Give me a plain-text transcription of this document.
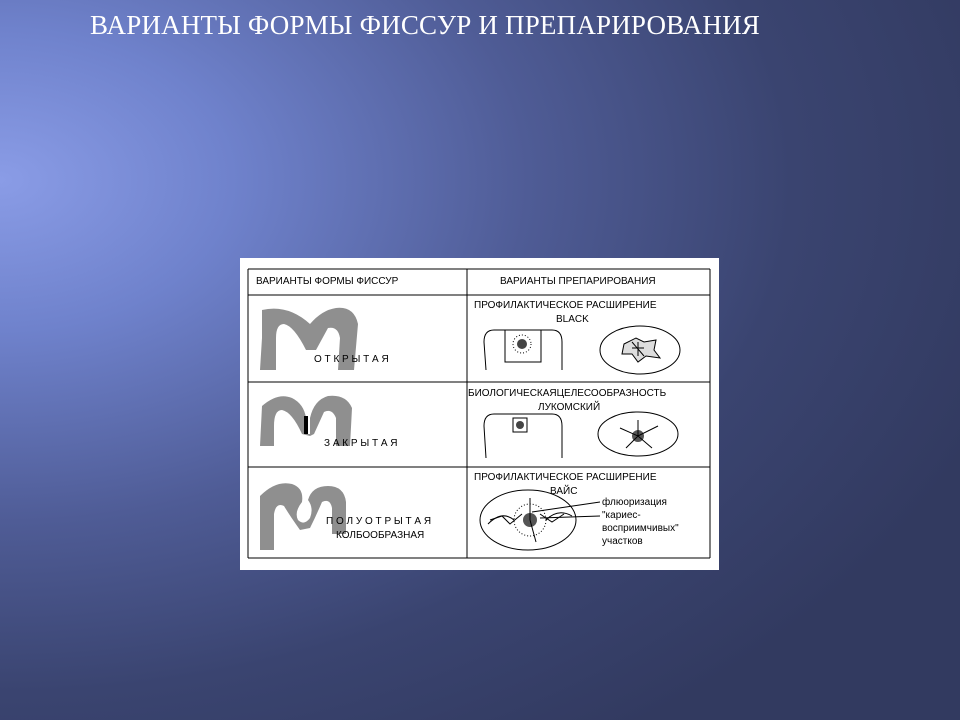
ВАРИАНТЫ ФОРМЫ ФИССУР И ПРЕПАРИРОВАНИЯ
ВАРИАНТЫ ФОРМЫ ФИССУР	ВАРИАНТЫ ПРЕПАРИРОВАНИЯ
О Т К Р Ы Т А Я
З А К Р Ы Т А Я
П О Л У О Т Р Ы Т А Я
КОЛБООБРАЗНАЯ
ПРОФИЛАКТИЧЕСКОЕ РАСШИРЕНИЕ
BLACK
БИОЛОГИЧЕСКАЯЦЕЛЕСООБРАЗНОСТЬ
ЛУКОМСКИЙ
ПРОФИЛАКТИЧЕСКОЕ РАСШИРЕНИЕ
ВАЙС
флюоризация
"кариес-
восприимчивых"
участков
